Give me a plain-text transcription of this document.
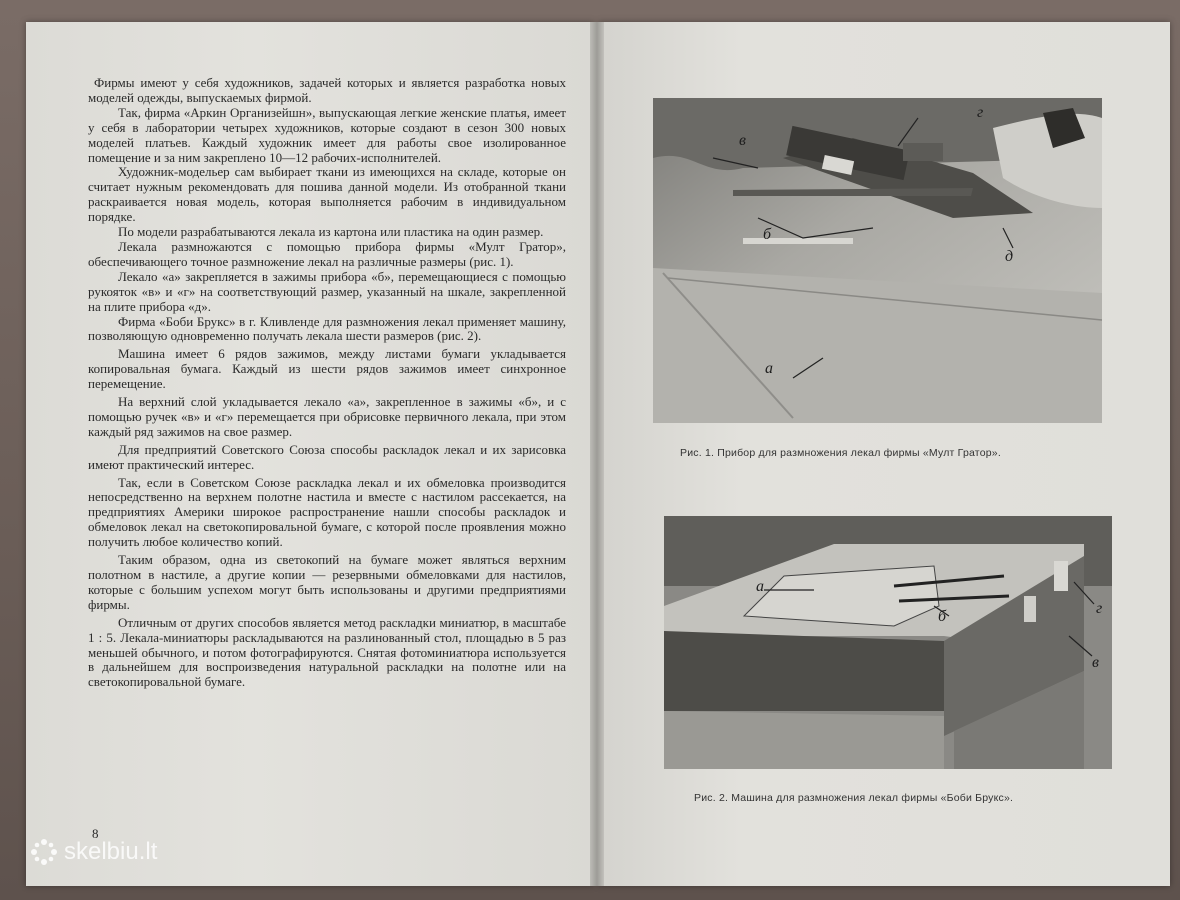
Фирмы имеют у себя художников, задачей которых и является разработка новых моделей одежды, выпускаемых фирмой.

Так, фирма «Аркин Организейшн», выпускающая легкие женские платья, имеет у себя в лаборатории четырех художников, которые создают в сезон 300 новых моделей платьев. Каждый художник имеет для работы свое изолированное помещение и за ним закреплено 10—12 рабочих-исполнителей.

Художник-модельер сам выбирает ткани из имеющихся на складе, которые он считает нужным рекомендовать для пошива данной модели. Из отобранной ткани раскраивается новая модель, которая выполняется рабочим в индивидуальном порядке.

По модели разрабатываются лекала из картона или пластика на один размер.

Лекала размножаются с помощью прибора фирмы «Мулт Гратор», обеспечивающего точное размножение лекал на различные размеры (рис. 1).

Лекало «а» закрепляется в зажимы прибора «б», перемещающиеся с помощью рукояток «в» и «г» на соответствующий размер, указанный на шкале, закрепленной на плите прибора «д».

Фирма «Боби Брукс» в г. Кливленде для размножения лекал применяет машину, позволяющую одновременно получать лекала шести размеров (рис. 2).

Машина имеет 6 рядов зажимов, между листами бумаги укладывается копировальная бумага. Каждый из шести рядов зажимов имеет синхронное перемещение.

На верхний слой укладывается лекало «а», закрепленное в зажимы «б», и с помощью ручек «в» и «г» перемещается при обрисовке первичного лекала, при этом каждый ряд зажимов на свое размер.

Для предприятий Советского Союза способы раскладок лекал и их зарисовка имеют практический интерес.

Так, если в Советском Союзе раскладка лекал и их обмеловка производится непосредственно на верхнем полотне настила и вместе с настилом рассекается, на предприятиях Америки широкое распространение нашли способы раскладок и обмеловок лекал на светокопировальной бумаге, с которой после проявления можно получить любое количество копий.

Таким образом, одна из светокопий на бумаге может являться верхним полотном в настиле, а другие копии — резервными обмеловками для настилов, которые с большим успехом могут быть использованы и другими предприятиями фирмы.

Отличным от других способов является метод раскладки миниатюр, в масштабе 1 : 5. Лекала-миниатюры раскладываются на разлинованный стол, площадью в 5 раз меньшей обычного, и потом фотографируются. Снятая фотоминиатюра используется в дальнейшем для воспроизведения натуральной раскладки на полотне или на светокопировальной бумаге.

8
в
г
б
д
а
Рис. 1. Прибор для размножения лекал фирмы «Мулт Гратор».
а
б	г
в
Рис. 2. Машина для размножения лекал фирмы «Боби Брукс».
skelbiu.lt
